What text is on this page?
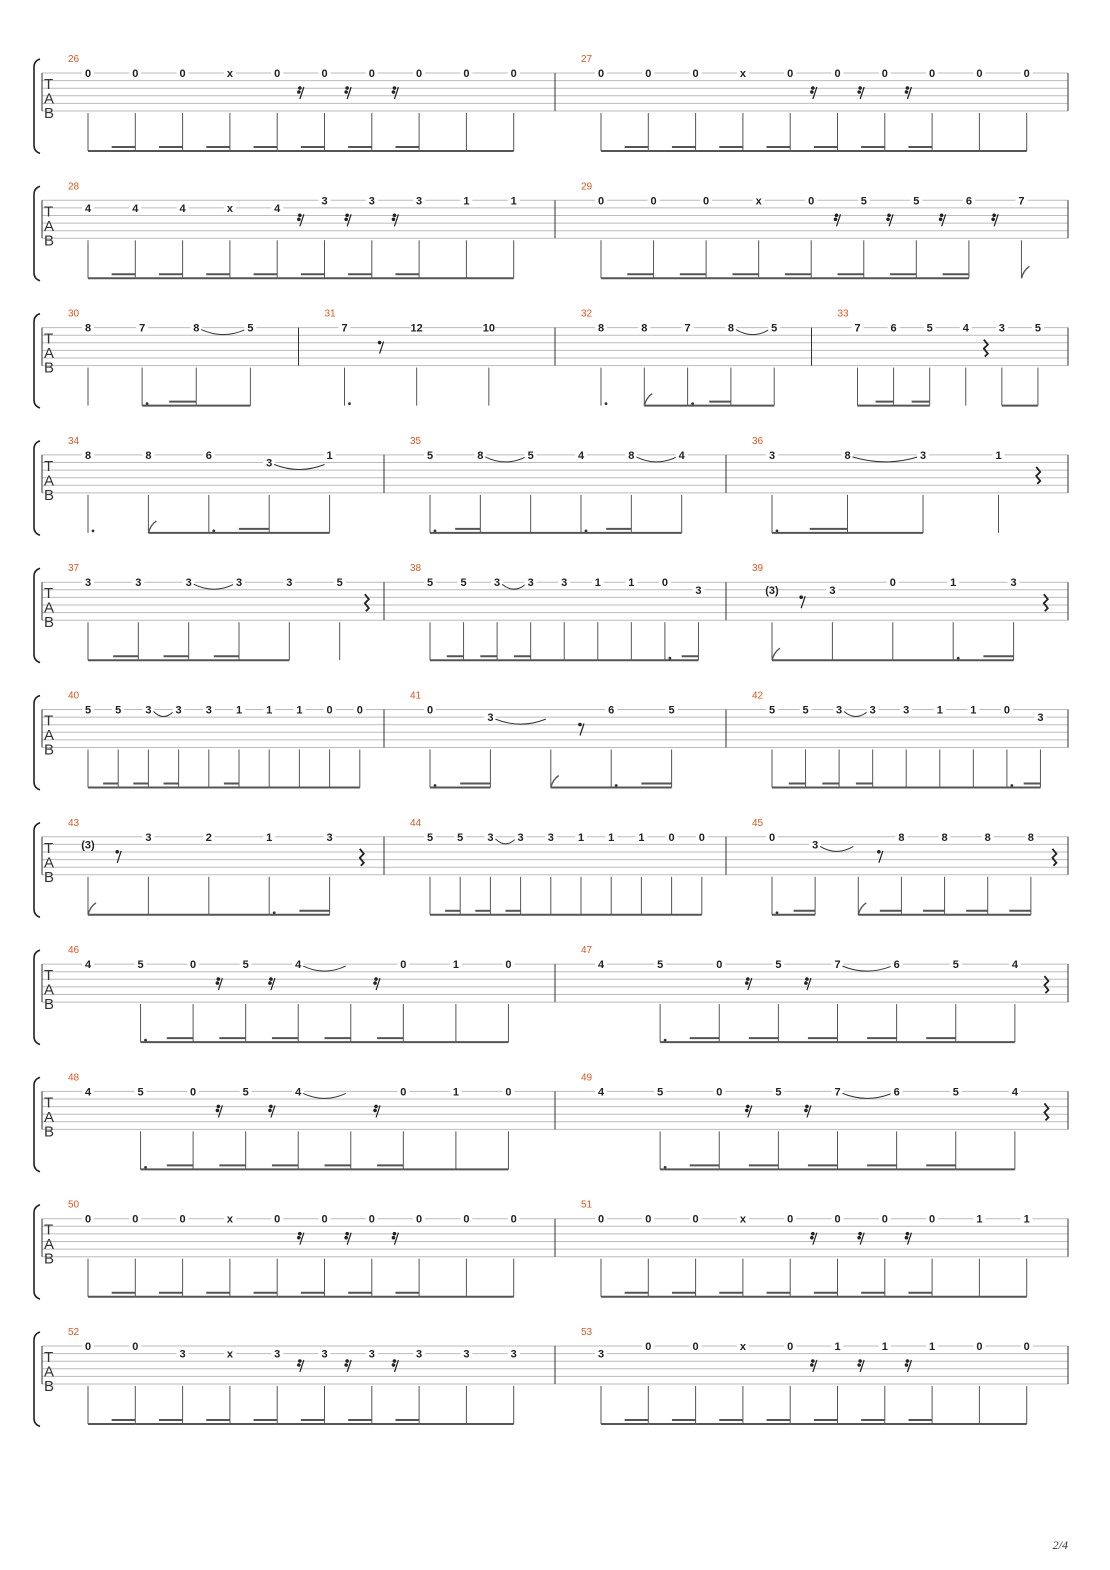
T
A
B
26
0	0	0	x	0	0	0	0	0	0
27
0	0	0	x	0	0	0	0	0	0
T
A
B
28
4	4	4	x	4
3	3	3	1	1
29
0	0	0	x	0	5	5	6	7
T
A
B
30
8	7	8	5
31
7	12	10
32
8	8	7	8	5
33
7	6	5	4	3	5
T
A
B
34
8	8	6
3
1
35
5	8	5	4	8	4
36
3	8	3	1
T
A
B
37
3	3	3	3	3	5
38
5 5 3 3 3 1 1 0
3
39
(3)	3
0	1	3
T
A
B
40
5 5 3 3 3 1 1 1 0 0
41
0
3
6	5
42
5 5 3 3 3 1 1 0
3
T
A
B
43
(3)
3	2	1	3
44
5 5 3 3 3 1 1 1 0 0
45
0
3
8	8	8	8
T
A
B
46
4	5	0	5	4	0	1	0
47
4	5	0	5	7	6	5	4
T
A
B
48
4	5	0	5	4	0	1	0
49
4	5	0	5	7	6	5	4
T
A
B
50
0	0	0	x	0	0	0	0	0	0
51
0	0	0	x	0	0	0	0	1	1
T
A
B
52
0	0
3	x	3	3	3	3	3	3
53
3
0	0	x	0	1	1	1	0	0
2/4
